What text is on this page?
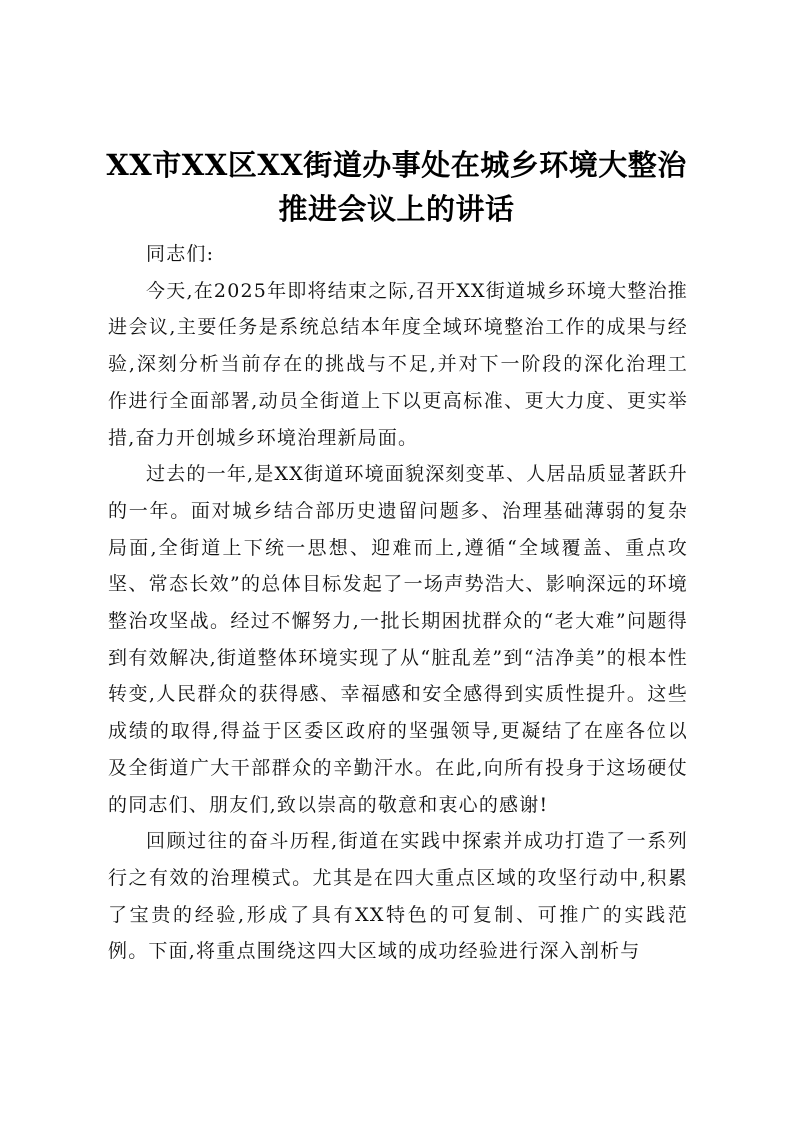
XX市XX区XX街道办事处在城乡环境大整治
推进会议上的讲话

同志们:

今天,在2025年即将结束之际,召开XX街道城乡环境大整治推进会议,主要任务是系统总结本年度全域环境整治工作的成果与经验,深刻分析当前存在的挑战与不足,并对下一阶段的深化治理工作进行全面部署,动员全街道上下以更高标准、更大力度、更实举措,奋力开创城乡环境治理新局面。

过去的一年,是XX街道环境面貌深刻变革、人居品质显著跃升的一年。面对城乡结合部历史遗留问题多、治理基础薄弱的复杂局面,全街道上下统一思想、迎难而上,遵循“全域覆盖、重点攻坚、常态长效”的总体目标发起了一场声势浩大、影响深远的环境整治攻坚战。经过不懈努力,一批长期困扰群众的“老大难”问题得到有效解决,街道整体环境实现了从“脏乱差”到“洁净美”的根本性转变,人民群众的获得感、幸福感和安全感得到实质性提升。这些成绩的取得,得益于区委区政府的坚强领导,更凝结了在座各位以及全街道广大干部群众的辛勤汗水。在此,向所有投身于这场硬仗的同志们、朋友们,致以崇高的敬意和衷心的感谢!

回顾过往的奋斗历程,街道在实践中探索并成功打造了一系列行之有效的治理模式。尤其是在四大重点区域的攻坚行动中,积累了宝贵的经验,形成了具有XX特色的可复制、可推广的实践范例。下面,将重点围绕这四大区域的成功经验进行深入剖析与
